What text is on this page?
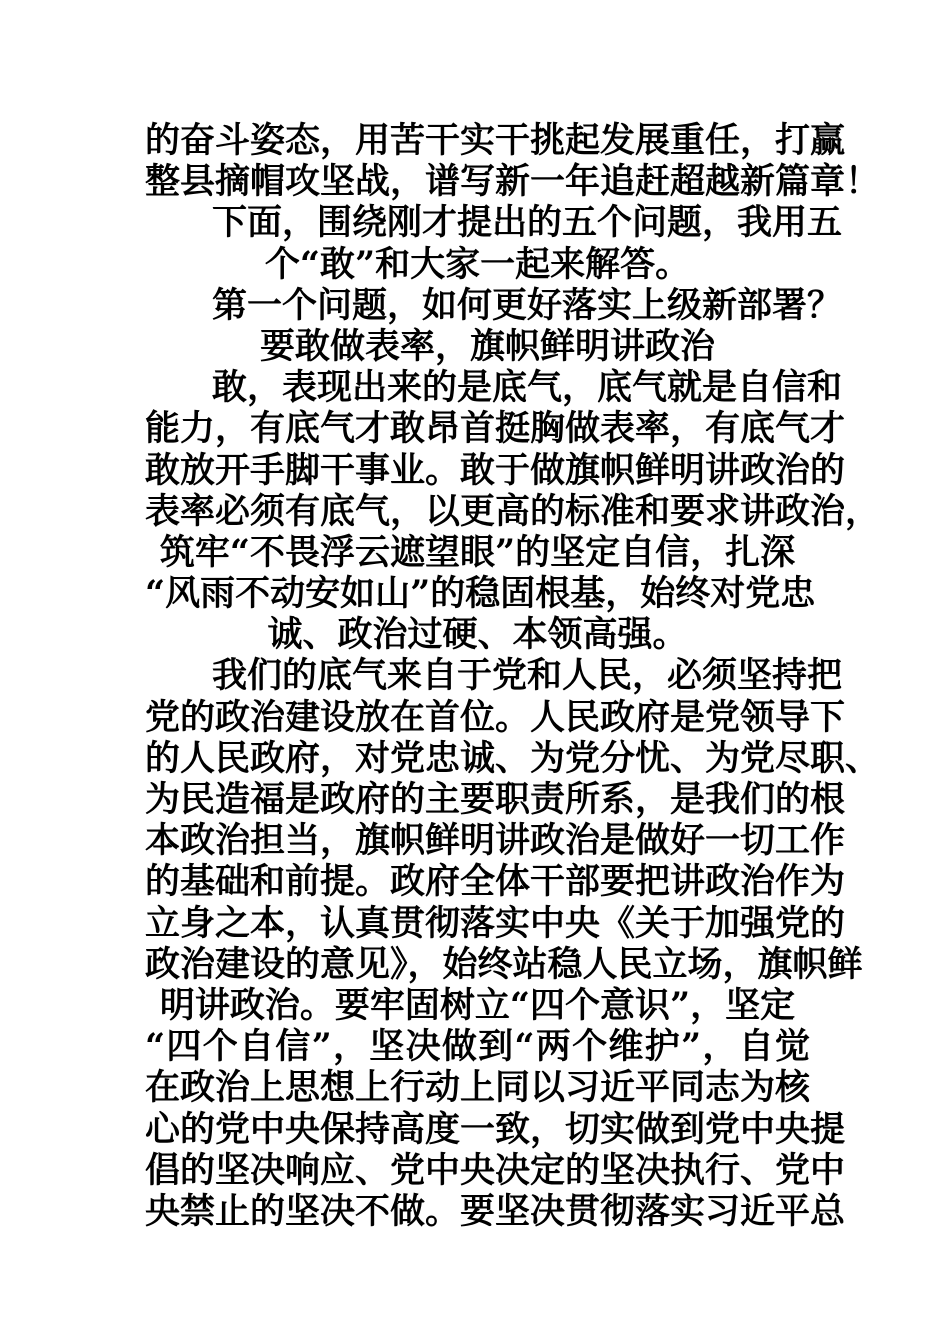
的奋斗姿态，用苦干实干挑起发展重任，打赢
整县摘帽攻坚战，谱写新一年追赶超越新篇章！
下面，围绕刚才提出的五个问题，我用五
个“敢”和大家一起来解答。
第一个问题，如何更好落实上级新部署？
要敢做表率，旗帜鲜明讲政治
敢，表现出来的是底气，底气就是自信和
能力，有底气才敢昂首挺胸做表率，有底气才
敢放开手脚干事业。敢于做旗帜鲜明讲政治的
表率必须有底气，以更高的标准和要求讲政治，
筑牢“不畏浮云遮望眼”的坚定自信，扎深
“风雨不动安如山”的稳固根基，始终对党忠
诚、政治过硬、本领高强。
我们的底气来自于党和人民，必须坚持把
党的政治建设放在首位。人民政府是党领导下
的人民政府，对党忠诚、为党分忧、为党尽职、
为民造福是政府的主要职责所系，是我们的根
本政治担当，旗帜鲜明讲政治是做好一切工作
的基础和前提。政府全体干部要把讲政治作为
立身之本，认真贯彻落实中央《关于加强党的
政治建设的意见》，始终站稳人民立场，旗帜鲜
明讲政治。要牢固树立“四个意识”，坚定
“四个自信”，坚决做到“两个维护”，自觉
在政治上思想上行动上同以习近平同志为核
心的党中央保持高度一致，切实做到党中央提
倡的坚决响应、党中央决定的坚决执行、党中
央禁止的坚决不做。要坚决贯彻落实习近平总
